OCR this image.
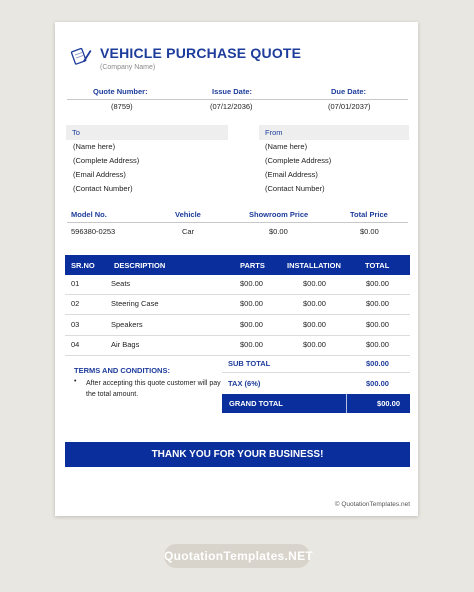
VEHICLE PURCHASE QUOTE
(Company Name)
Quote Number:	Issue Date:	Due Date:
(8759)	(07/12/2036)	(07/01/2037)
To	From
(Name here)
(Complete Address)
(Email Address)
(Contact Number)
(Name here)
(Complete Address)
(Email Address)
(Contact Number)
Model No.	Vehicle	Showroom Price	Total Price
596380-0253	Car	$0.00	$0.00
SR.NO	DESCRIPTION	PARTS	INSTALLATION	TOTAL
01	Seats	$00.00	$00.00	$00.00
02	Steering Case	$00.00	$00.00	$00.00
03	Speakers	$00.00	$00.00	$00.00
04	Air Bags	$00.00	$00.00	$00.00
TERMS AND CONDITIONS:
• After accepting this quote customer will pay the total amount.
SUB TOTAL	$00.00
TAX (6%)	$00.00
GRAND TOTAL	$00.00
THANK YOU FOR YOUR BUSINESS!
© QuotationTemplates.net
QuotationTemplates.NET
